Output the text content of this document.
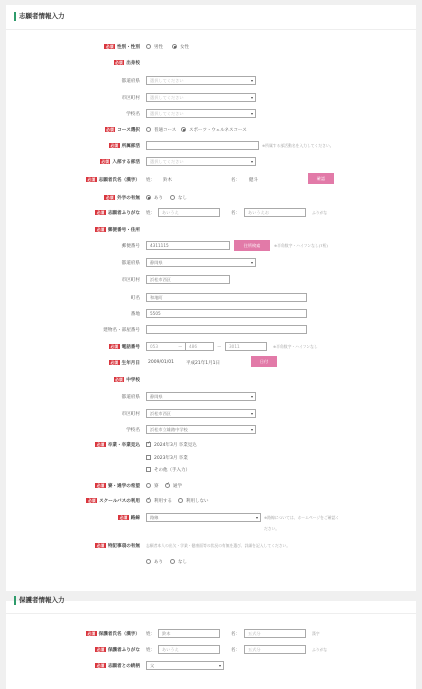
志願者情報入力
必須 性別・性別	男性	女性
必須 出身校
都道府県	選択してください	▾
市区町村	選択してください	▾
学校名	選択してください	▾
必須 コース選択	普通コース	スポーツ・ウェルネスコース
必須 所属部活	※所属する部活動名を入力してください。
必須 入部する部活	選択してください	▾
必須 志願者氏名（漢字） 姓： 鈴木	名： 健斗	確認
必須 外字の有無	あり	なし
必須 志願者ふりがな 姓：	あいうえ	名：	あいうえお	ふりがな
必須 郵便番号・住所
郵便番号	4311115	住所検索	※半角数字・ハイフンなし(7桁)
都道府県	静岡県	▾
市区町村	浜松市西区
町名	和地町
番地	5505
建物名・部屋番号
必須 電話番号	053	－	486	－	3011	※半角数字・ハイフンなし
必須 生年月日 2009/01/01	平成21年1月1日	日付
必須 中学校
都道府県	静岡県	▾
市区町村	浜松市西区	▾
学校名	浜松市立雄踏中学校	▾
必須 卒業・卒業見込 ✓	2024年3月 卒業見込
2023年3月 卒業
その他（手入力）
必須 寮・通学の希望	寮 ✓	通学
必須 スクールバスの利用 ✓	利用する	利用しない
必須 路線	路線	▾ ※路線については、ホームページをご確認く
ださい。
必須 特記事項の有無 志願者本人の出欠・学業・健康面等の状況の有無を選び、詳細を記入してください。
あり	なし
保護者情報入力
必須 保護者氏名（漢字） 姓：	鈴木	名：	五式分	漢字
必須 保護者ふりがな 姓：	あいうえ	名：	五式分	ふりがな
必須 志願者との続柄	父	▾
